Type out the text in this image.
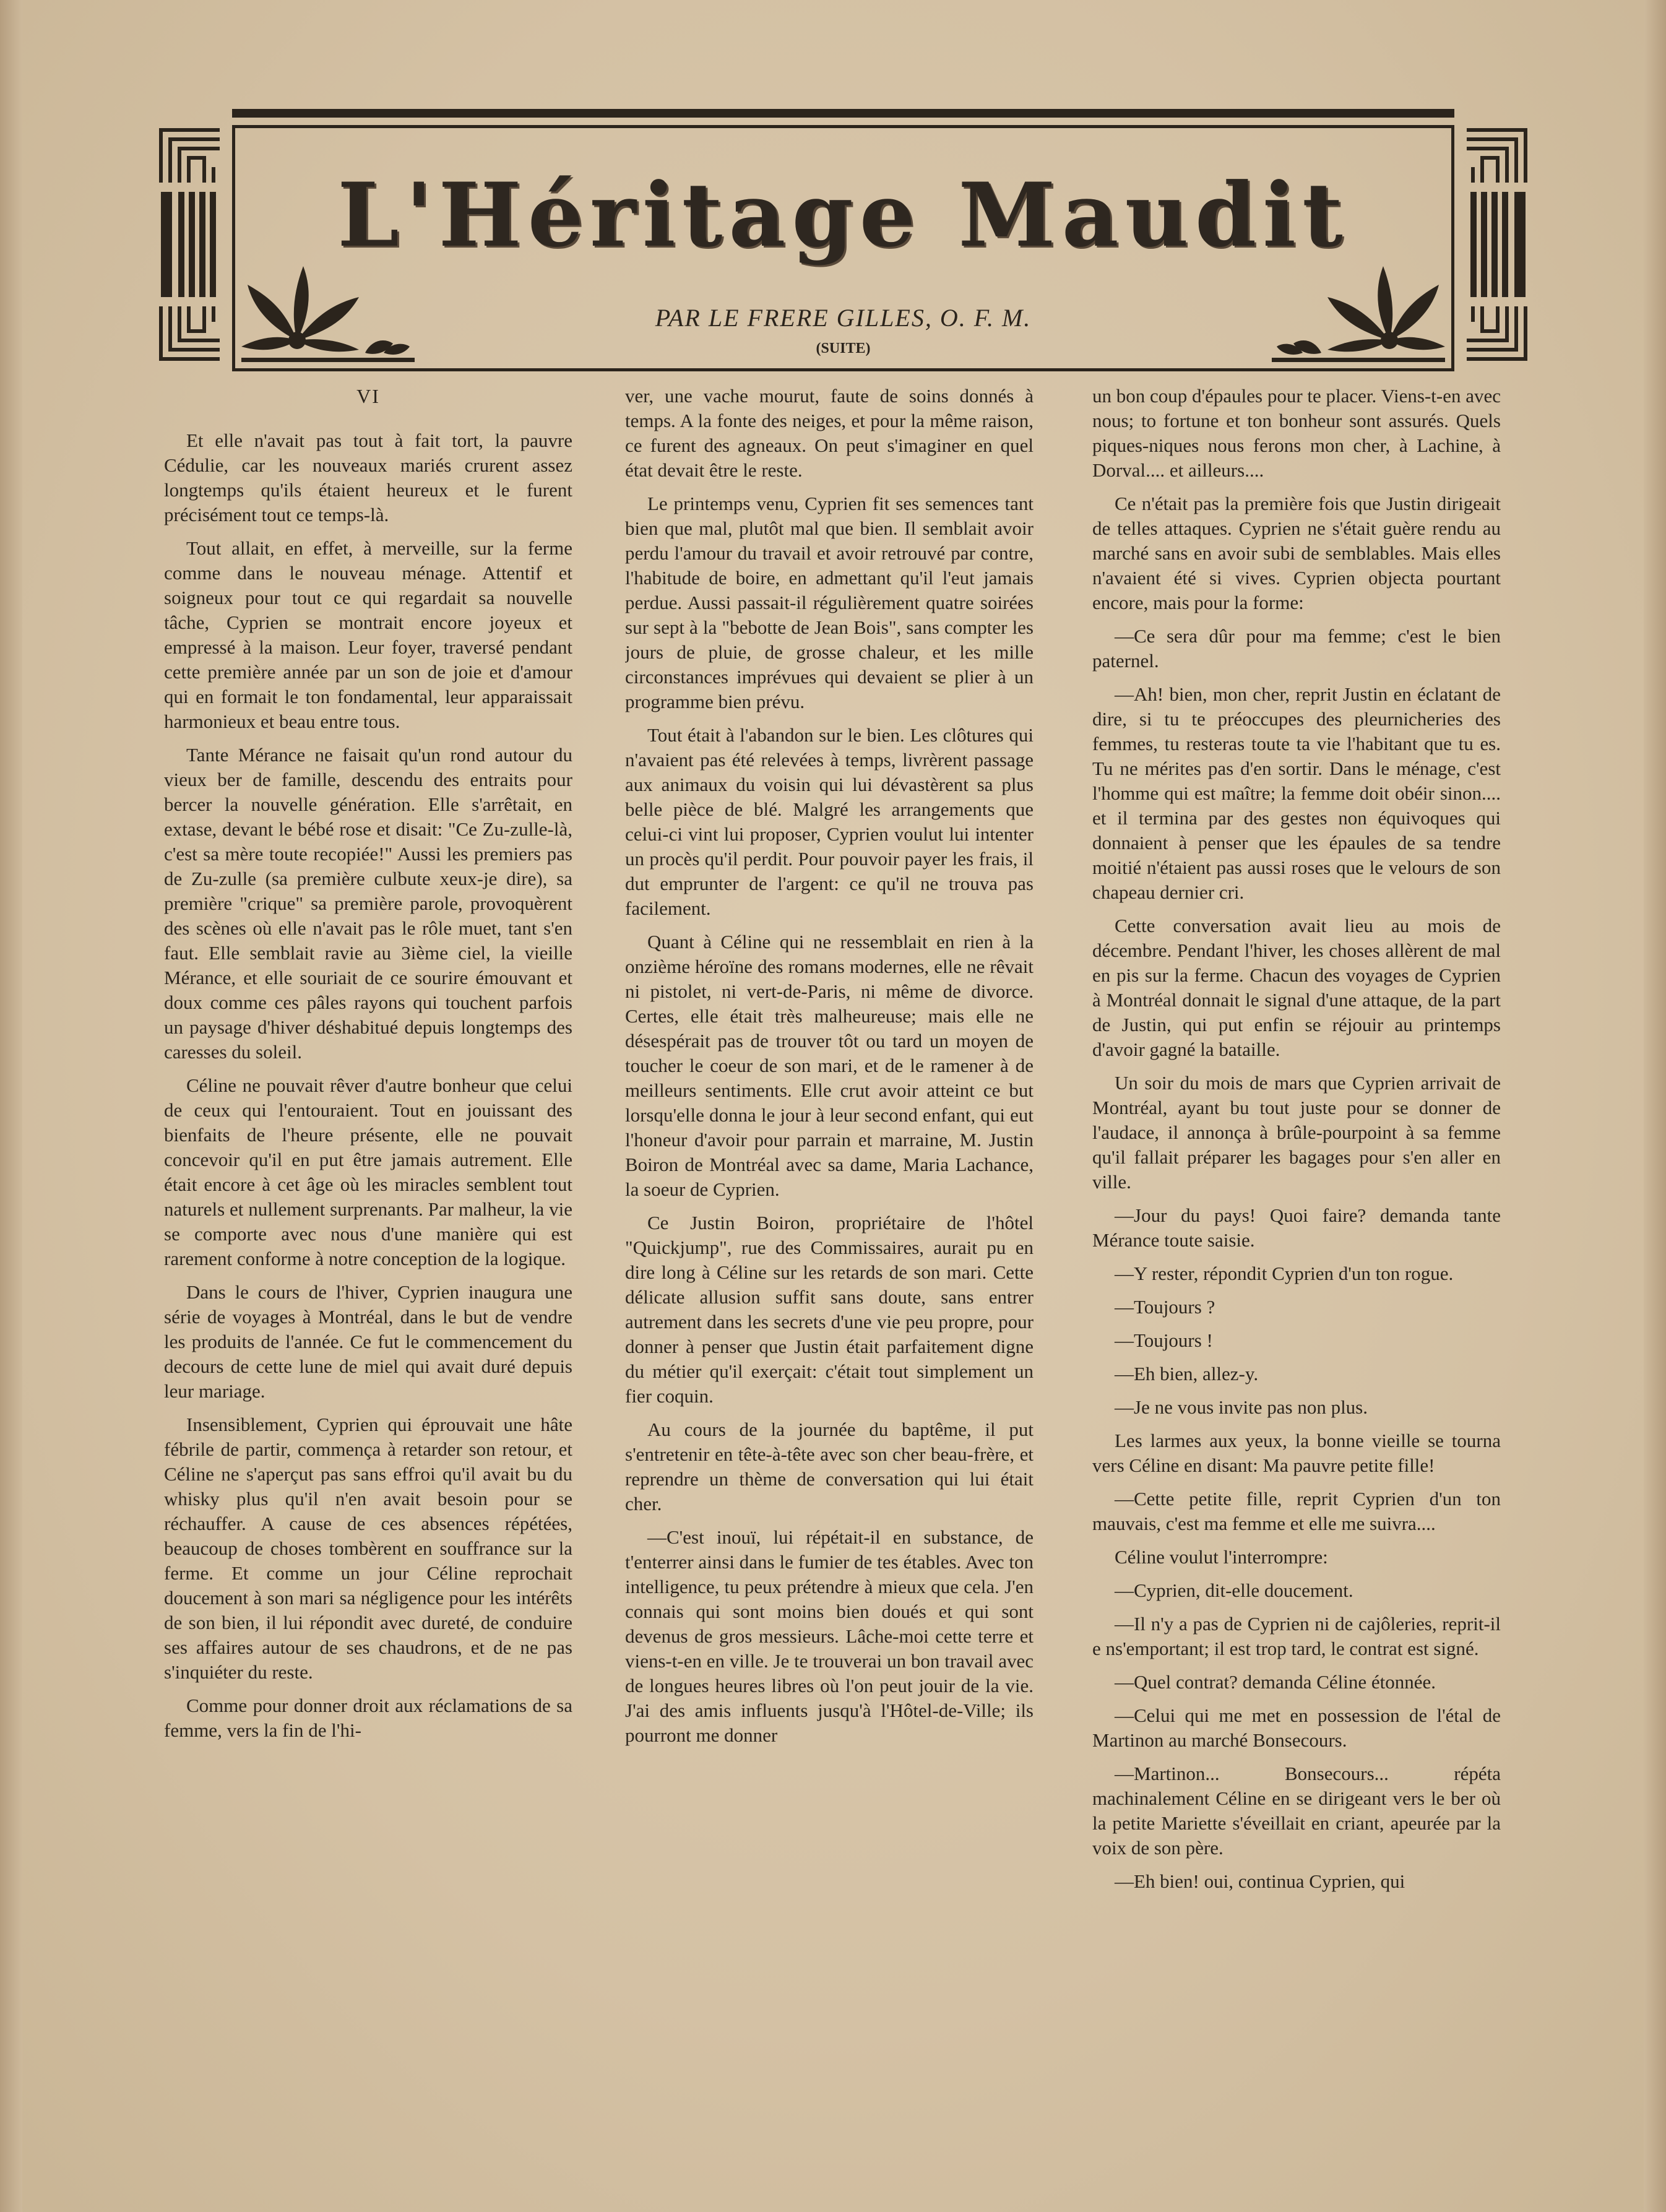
L'Héritage Maudit
PAR LE FRERE GILLES, O. F. M.
(SUITE)
VI

Et elle n'avait pas tout à fait tort, la pauvre Cédulie, car les nouveaux mariés crurent assez longtemps qu'ils étaient heureux et le furent précisément tout ce temps-là.

Tout allait, en effet, à merveille, sur la ferme comme dans le nouveau ménage. Attentif et soigneux pour tout ce qui regardait sa nouvelle tâche, Cyprien se montrait encore joyeux et empressé à la maison. Leur foyer, traversé pendant cette première année par un son de joie et d'amour qui en formait le ton fondamental, leur apparaissait harmonieux et beau entre tous.

Tante Mérance ne faisait qu'un rond autour du vieux ber de famille, descendu des entraits pour bercer la nouvelle génération. Elle s'arrêtait, en extase, devant le bébé rose et disait: "Ce Zu-zulle-là, c'est sa mère toute recopiée!" Aussi les premiers pas de Zu-zulle (sa première culbute xeux-je dire), sa première "crique" sa première parole, provoquèrent des scènes où elle n'avait pas le rôle muet, tant s'en faut. Elle semblait ravie au 3ième ciel, la vieille Mérance, et elle souriait de ce sourire émouvant et doux comme ces pâles rayons qui touchent parfois un paysage d'hiver déshabitué depuis longtemps des caresses du soleil.

Céline ne pouvait rêver d'autre bonheur que celui de ceux qui l'entouraient. Tout en jouissant des bienfaits de l'heure présente, elle ne pouvait concevoir qu'il en put être jamais autrement. Elle était encore à cet âge où les miracles semblent tout naturels et nullement surprenants. Par malheur, la vie se comporte avec nous d'une manière qui est rarement conforme à notre conception de la logique.

Dans le cours de l'hiver, Cyprien inaugura une série de voyages à Montréal, dans le but de vendre les produits de l'année. Ce fut le commencement du decours de cette lune de miel qui avait duré depuis leur mariage.

Insensiblement, Cyprien qui éprouvait une hâte fébrile de partir, commença à retarder son retour, et Céline ne s'aperçut pas sans effroi qu'il avait bu du whisky plus qu'il n'en avait besoin pour se réchauffer. A cause de ces absences répétées, beaucoup de choses tombèrent en souffrance sur la ferme. Et comme un jour Céline reprochait doucement à son mari sa négligence pour les intérêts de son bien, il lui répondit avec dureté, de conduire ses affaires autour de ses chaudrons, et de ne pas s'inquiéter du reste.

Comme pour donner droit aux réclamations de sa femme, vers la fin de l'hi-

ver, une vache mourut, faute de soins donnés à temps. A la fonte des neiges, et pour la même raison, ce furent des agneaux. On peut s'imaginer en quel état devait être le reste.

Le printemps venu, Cyprien fit ses semences tant bien que mal, plutôt mal que bien. Il semblait avoir perdu l'amour du travail et avoir retrouvé par contre, l'habitude de boire, en admettant qu'il l'eut jamais perdue. Aussi passait-il régulièrement quatre soirées sur sept à la "bebotte de Jean Bois", sans compter les jours de pluie, de grosse chaleur, et les mille circonstances imprévues qui devaient se plier à un programme bien prévu.

Tout était à l'abandon sur le bien. Les clôtures qui n'avaient pas été relevées à temps, livrèrent passage aux animaux du voisin qui lui dévastèrent sa plus belle pièce de blé. Malgré les arrangements que celui-ci vint lui proposer, Cyprien voulut lui intenter un procès qu'il perdit. Pour pouvoir payer les frais, il dut emprunter de l'argent: ce qu'il ne trouva pas facilement.

Quant à Céline qui ne ressemblait en rien à la onzième héroïne des romans modernes, elle ne rêvait ni pistolet, ni vert-de-Paris, ni même de divorce. Certes, elle était très malheureuse; mais elle ne désespérait pas de trouver tôt ou tard un moyen de toucher le coeur de son mari, et de le ramener à de meilleurs sentiments. Elle crut avoir atteint ce but lorsqu'elle donna le jour à leur second enfant, qui eut l'honeur d'avoir pour parrain et marraine, M. Justin Boiron de Montréal avec sa dame, Maria Lachance, la soeur de Cyprien.

Ce Justin Boiron, propriétaire de l'hôtel "Quickjump", rue des Commissaires, aurait pu en dire long à Céline sur les retards de son mari. Cette délicate allusion suffit sans doute, sans entrer autrement dans les secrets d'une vie peu propre, pour donner à penser que Justin était parfaitement digne du métier qu'il exerçait: c'était tout simplement un fier coquin.

Au cours de la journée du baptême, il put s'entretenir en tête-à-tête avec son cher beau-frère, et reprendre un thème de conversation qui lui était cher.

—C'est inouï, lui répétait-il en substance, de t'enterrer ainsi dans le fumier de tes étables. Avec ton intelligence, tu peux prétendre à mieux que cela. J'en connais qui sont moins bien doués et qui sont devenus de gros messieurs. Lâche-moi cette terre et viens-t-en en ville. Je te trouverai un bon travail avec de longues heures libres où l'on peut jouir de la vie. J'ai des amis influents jusqu'à l'Hôtel-de-Ville; ils pourront me donner

un bon coup d'épaules pour te placer. Viens-t-en avec nous; to fortune et ton bonheur sont assurés. Quels piques-niques nous ferons mon cher, à Lachine, à Dorval.... et ailleurs....

Ce n'était pas la première fois que Justin dirigeait de telles attaques. Cyprien ne s'était guère rendu au marché sans en avoir subi de semblables. Mais elles n'avaient été si vives. Cyprien objecta pourtant encore, mais pour la forme:

—Ce sera dûr pour ma femme; c'est le bien paternel.

—Ah! bien, mon cher, reprit Justin en éclatant de dire, si tu te préoccupes des pleurnicheries des femmes, tu resteras toute ta vie l'habitant que tu es. Tu ne mérites pas d'en sortir. Dans le ménage, c'est l'homme qui est maître; la femme doit obéir sinon.... et il termina par des gestes non équivoques qui donnaient à penser que les épaules de sa tendre moitié n'étaient pas aussi roses que le velours de son chapeau dernier cri.

Cette conversation avait lieu au mois de décembre. Pendant l'hiver, les choses allèrent de mal en pis sur la ferme. Chacun des voyages de Cyprien à Montréal donnait le signal d'une attaque, de la part de Justin, qui put enfin se réjouir au printemps d'avoir gagné la bataille.

Un soir du mois de mars que Cyprien arrivait de Montréal, ayant bu tout juste pour se donner de l'audace, il annonça à brûle-pourpoint à sa femme qu'il fallait préparer les bagages pour s'en aller en ville.

—Jour du pays! Quoi faire? demanda tante Mérance toute saisie.

—Y rester, répondit Cyprien d'un ton rogue.

—Toujours ?

—Toujours !

—Eh bien, allez-y.

—Je ne vous invite pas non plus.

Les larmes aux yeux, la bonne vieille se tourna vers Céline en disant: Ma pauvre petite fille!

—Cette petite fille, reprit Cyprien d'un ton mauvais, c'est ma femme et elle me suivra....

Céline voulut l'interrompre:

—Cyprien, dit-elle doucement.

—Il n'y a pas de Cyprien ni de cajôleries, reprit-il e ns'emportant; il est trop tard, le contrat est signé.

—Quel contrat? demanda Céline étonnée.

—Celui qui me met en possession de l'étal de Martinon au marché Bonsecours.

—Martinon... Bonsecours... répéta machinalement Céline en se dirigeant vers le ber où la petite Mariette s'éveillait en criant, apeurée par la voix de son père.

—Eh bien! oui, continua Cyprien, qui
